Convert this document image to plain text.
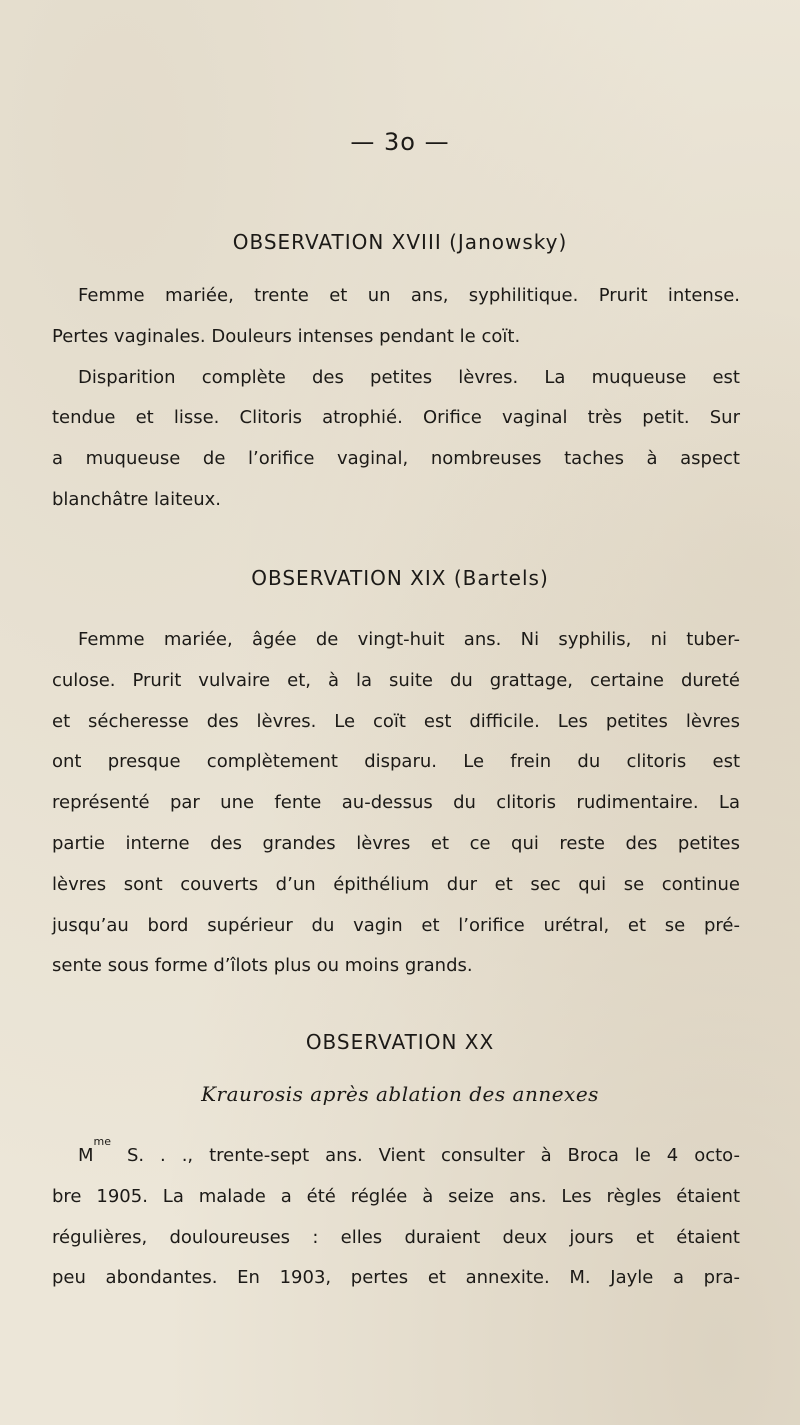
— 3o —
OBSERVATION XVIII (Janowsky)
Femme mariée, trente et un ans, syphilitique. Prurit intense.
Pertes vaginales. Douleurs intenses pendant le coït.
Disparition complète des petites lèvres. La muqueuse est
tendue et lisse. Clitoris atrophié. Orifice vaginal très petit. Sur
a muqueuse de l’orifice vaginal, nombreuses taches à aspect
blanchâtre laiteux.
OBSERVATION XIX (Bartels)
Femme mariée, âgée de vingt-huit ans. Ni syphilis, ni tuber-
culose. Prurit vulvaire et, à la suite du grattage, certaine dureté
et sécheresse des lèvres. Le coït est difficile. Les petites lèvres
ont presque complètement disparu. Le frein du clitoris est
représenté par une fente au-dessus du clitoris rudimentaire. La
partie interne des grandes lèvres et ce qui reste des petites
lèvres sont couverts d’un épithélium dur et sec qui se continue
jusqu’au bord supérieur du vagin et l’orifice urétral, et se pré-
sente sous forme d’îlots plus ou moins grands.
OBSERVATION XX
Kraurosis après ablation des annexes
$M^{me}$ S. . ., trente-sept ans. Vient consulter à Broca le 4 octo-
bre 1905. La malade a été réglée à seize ans. Les règles étaient
régulières, douloureuses : elles duraient deux jours et étaient
peu abondantes. En 1903, pertes et annexite. M. Jayle a pra-
